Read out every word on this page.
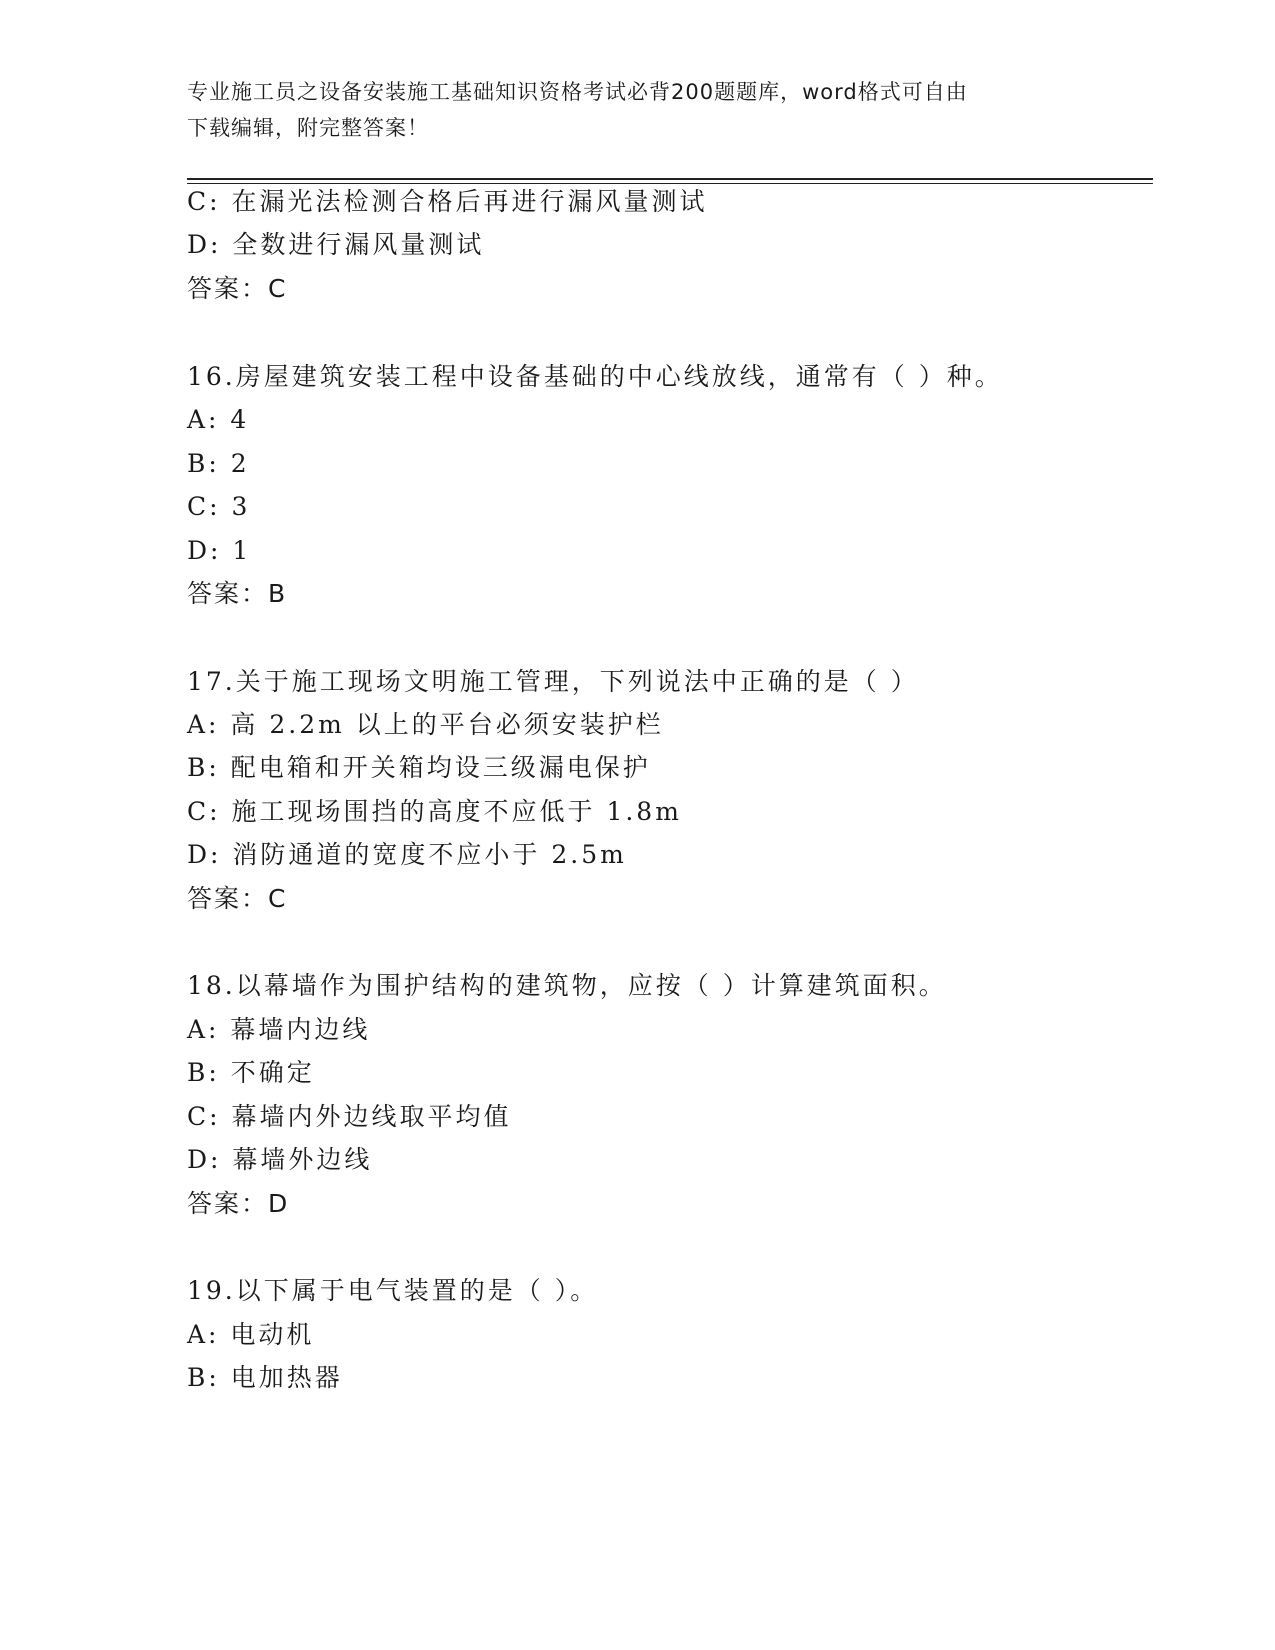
专业施工员之设备安装施工基础知识资格考试必背200题题库，word格式可自由
下载编辑，附完整答案！
C: 在漏光法检测合格后再进行漏风量测试
D: 全数进行漏风量测试
答案：C
16.房屋建筑安装工程中设备基础的中心线放线，通常有（ ）种。
A: 4
B: 2
C: 3
D: 1
答案：B
17.关于施工现场文明施工管理，下列说法中正确的是（ ）
A: 高 2.2m 以上的平台必须安装护栏
B: 配电箱和开关箱均设三级漏电保护
C: 施工现场围挡的高度不应低于 1.8m
D: 消防通道的宽度不应小于 2.5m
答案：C
18.以幕墙作为围护结构的建筑物，应按（ ）计算建筑面积。
A: 幕墙内边线
B: 不确定
C: 幕墙内外边线取平均值
D: 幕墙外边线
答案：D
19.以下属于电气装置的是（ ）。
A: 电动机
B: 电加热器
